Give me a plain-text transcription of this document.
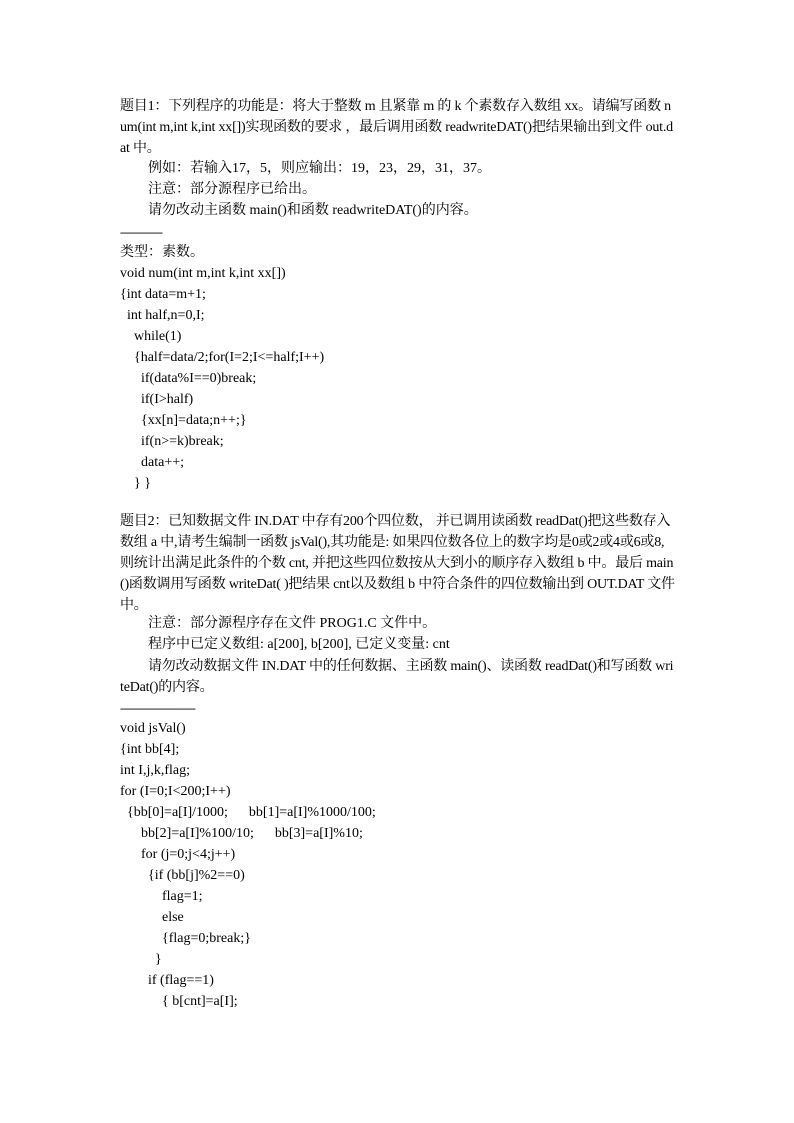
题目1：下列程序的功能是：将大于整数 m 且紧靠 m 的 k 个素数存入数组 xx。请编写函数 num(int m,int k,int xx[])实现函数的要求 ，最后调用函数 readwriteDAT()把结果输出到文件 out.dat 中。
例如：若输入17，5，则应输出：19，23，29，31，37。
注意：部分源程序已给出。
请勿改动主函数 main()和函数 readwriteDAT()的内容。
--------------
类型：素数。
void num(int m,int k,int xx[])
{int data=m+1;
int half,n=0,I;
while(1)
{half=data/2;for(I=2;I<=half;I++)
if(data%I==0)break;
if(I>half)
{xx[n]=data;n++;}
if(n>=k)break;
data++;
} }
题目2：已知数据文件 IN.DAT 中存有200个四位数， 并已调用读函数 readDat()把这些数存入数组 a 中,请考生编制一函数 jsVal(),其功能是: 如果四位数各位上的数字均是0或2或4或6或8, 则统计出满足此条件的个数 cnt, 并把这些四位数按从大到小的顺序存入数组 b 中。最后 main()函数调用写函数 writeDat( )把结果 cnt以及数组 b 中符合条件的四位数输出到 OUT.DAT 文件中。
注意：部分源程序存在文件 PROG1.C 文件中。
程序中已定义数组: a[200], b[200], 已定义变量: cnt
请勿改动数据文件 IN.DAT 中的任何数据、主函数 main()、读函数 readDat()和写函数 writeDat()的内容。
-------------------------
void jsVal()
{int bb[4];
int I,j,k,flag;
for (I=0;I<200;I++)
{bb[0]=a[I]/1000;      bb[1]=a[I]%1000/100;
bb[2]=a[I]%100/10;      bb[3]=a[I]%10;
for (j=0;j<4;j++)
{if (bb[j]%2==0)
flag=1;
else
{flag=0;break;}
}
if (flag==1)
{ b[cnt]=a[I];
